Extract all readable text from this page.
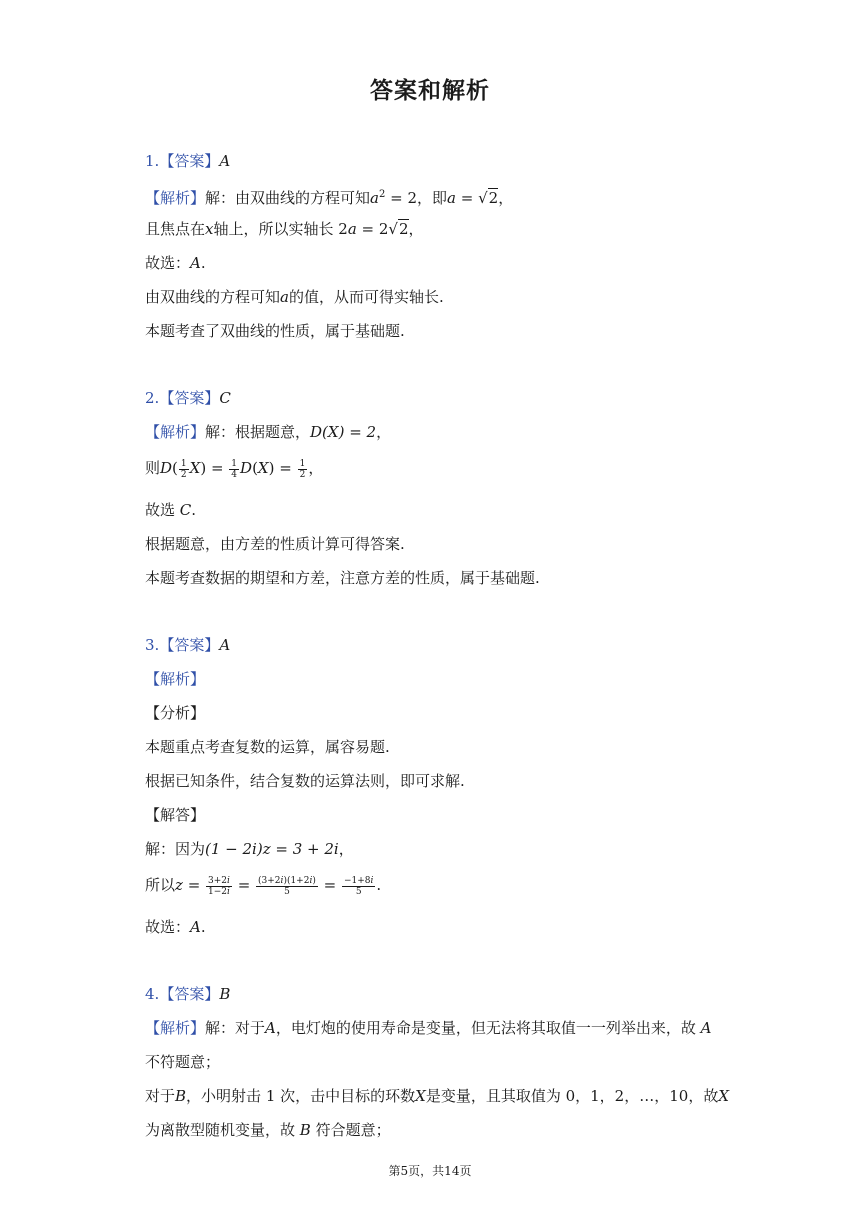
答案和解析
1.【答案】A
【解析】解：由双曲线的方程可知$a^2 = 2$，即a = √2，
且焦点在x轴上，所以实轴长 2a = 2√2，
故选：A.
由双曲线的方程可知a的值，从而可得实轴长.
本题考查了双曲线的性质，属于基础题.
2.【答案】C
【解析】解：根据题意，D(X) = 2，
则$D( \frac{1}{2} X) = \frac{1}{4} D(X) = \frac{1}{2}$ ，
故选 C.
根据题意，由方差的性质计算可得答案.
本题考查数据的期望和方差，注意方差的性质，属于基础题.
3.【答案】A
【解析】
【分析】
本题重点考查复数的运算，属容易题.
根据已知条件，结合复数的运算法则，即可求解.
【解答】
解：因为(1 − 2i)z = 3 + 2i，
所以$z = \frac{3+2i}{1-2i} = \frac{(3+2i)(1+2i)}{5} = \frac{-1+8i}{5}$ .
故选：A.
4.【答案】B
【解析】解：对于A，电灯炮的使用寿命是变量，但无法将其取值一一列举出来，故 A
不符题意；
对于B，小明射击 1 次，击中目标的环数X是变量，且其取值为 0，1，2，…，10，故X
为离散型随机变量，故 B 符合题意；
第5页，共14页
